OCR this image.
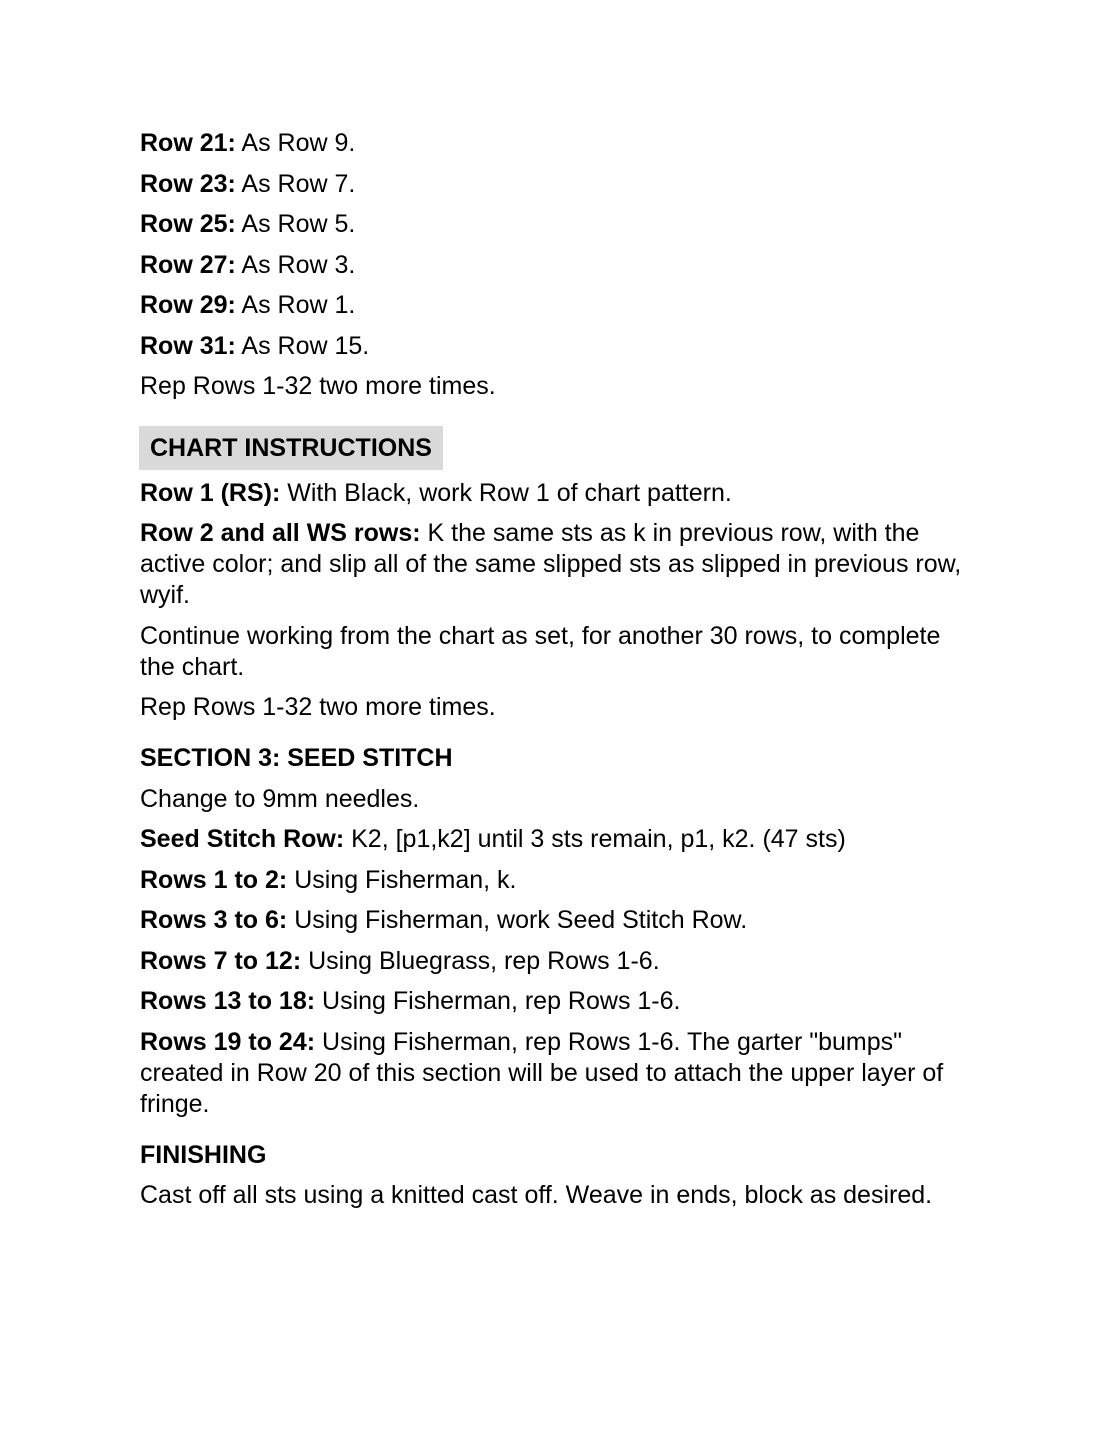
Row 21: As Row 9.

Row 23: As Row 7.

Row 25: As Row 5.

Row 27: As Row 3.

Row 29: As Row 1.

Row 31: As Row 15.

Rep Rows 1-32 two more times.

CHART INSTRUCTIONS

Row 1 (RS): With Black, work Row 1 of chart pattern.

Row 2 and all WS rows: K the same sts as k in previous row, with the active color; and slip all of the same slipped sts as slipped in previous row, wyif.

Continue working from the chart as set, for another 30 rows, to complete the chart.

Rep Rows 1-32 two more times.

SECTION 3: SEED STITCH

Change to 9mm needles.

Seed Stitch Row: K2, [p1,k2] until 3 sts remain, p1, k2. (47 sts)

Rows 1 to 2: Using Fisherman, k.

Rows 3 to 6: Using Fisherman, work Seed Stitch Row.

Rows 7 to 12: Using Bluegrass, rep Rows 1-6.

Rows 13 to 18: Using Fisherman, rep Rows 1-6.

Rows 19 to 24: Using Fisherman, rep Rows 1-6. The garter "bumps" created in Row 20 of this section will be used to attach the upper layer of fringe.

FINISHING

Cast off all sts using a knitted cast off. Weave in ends, block as desired.
